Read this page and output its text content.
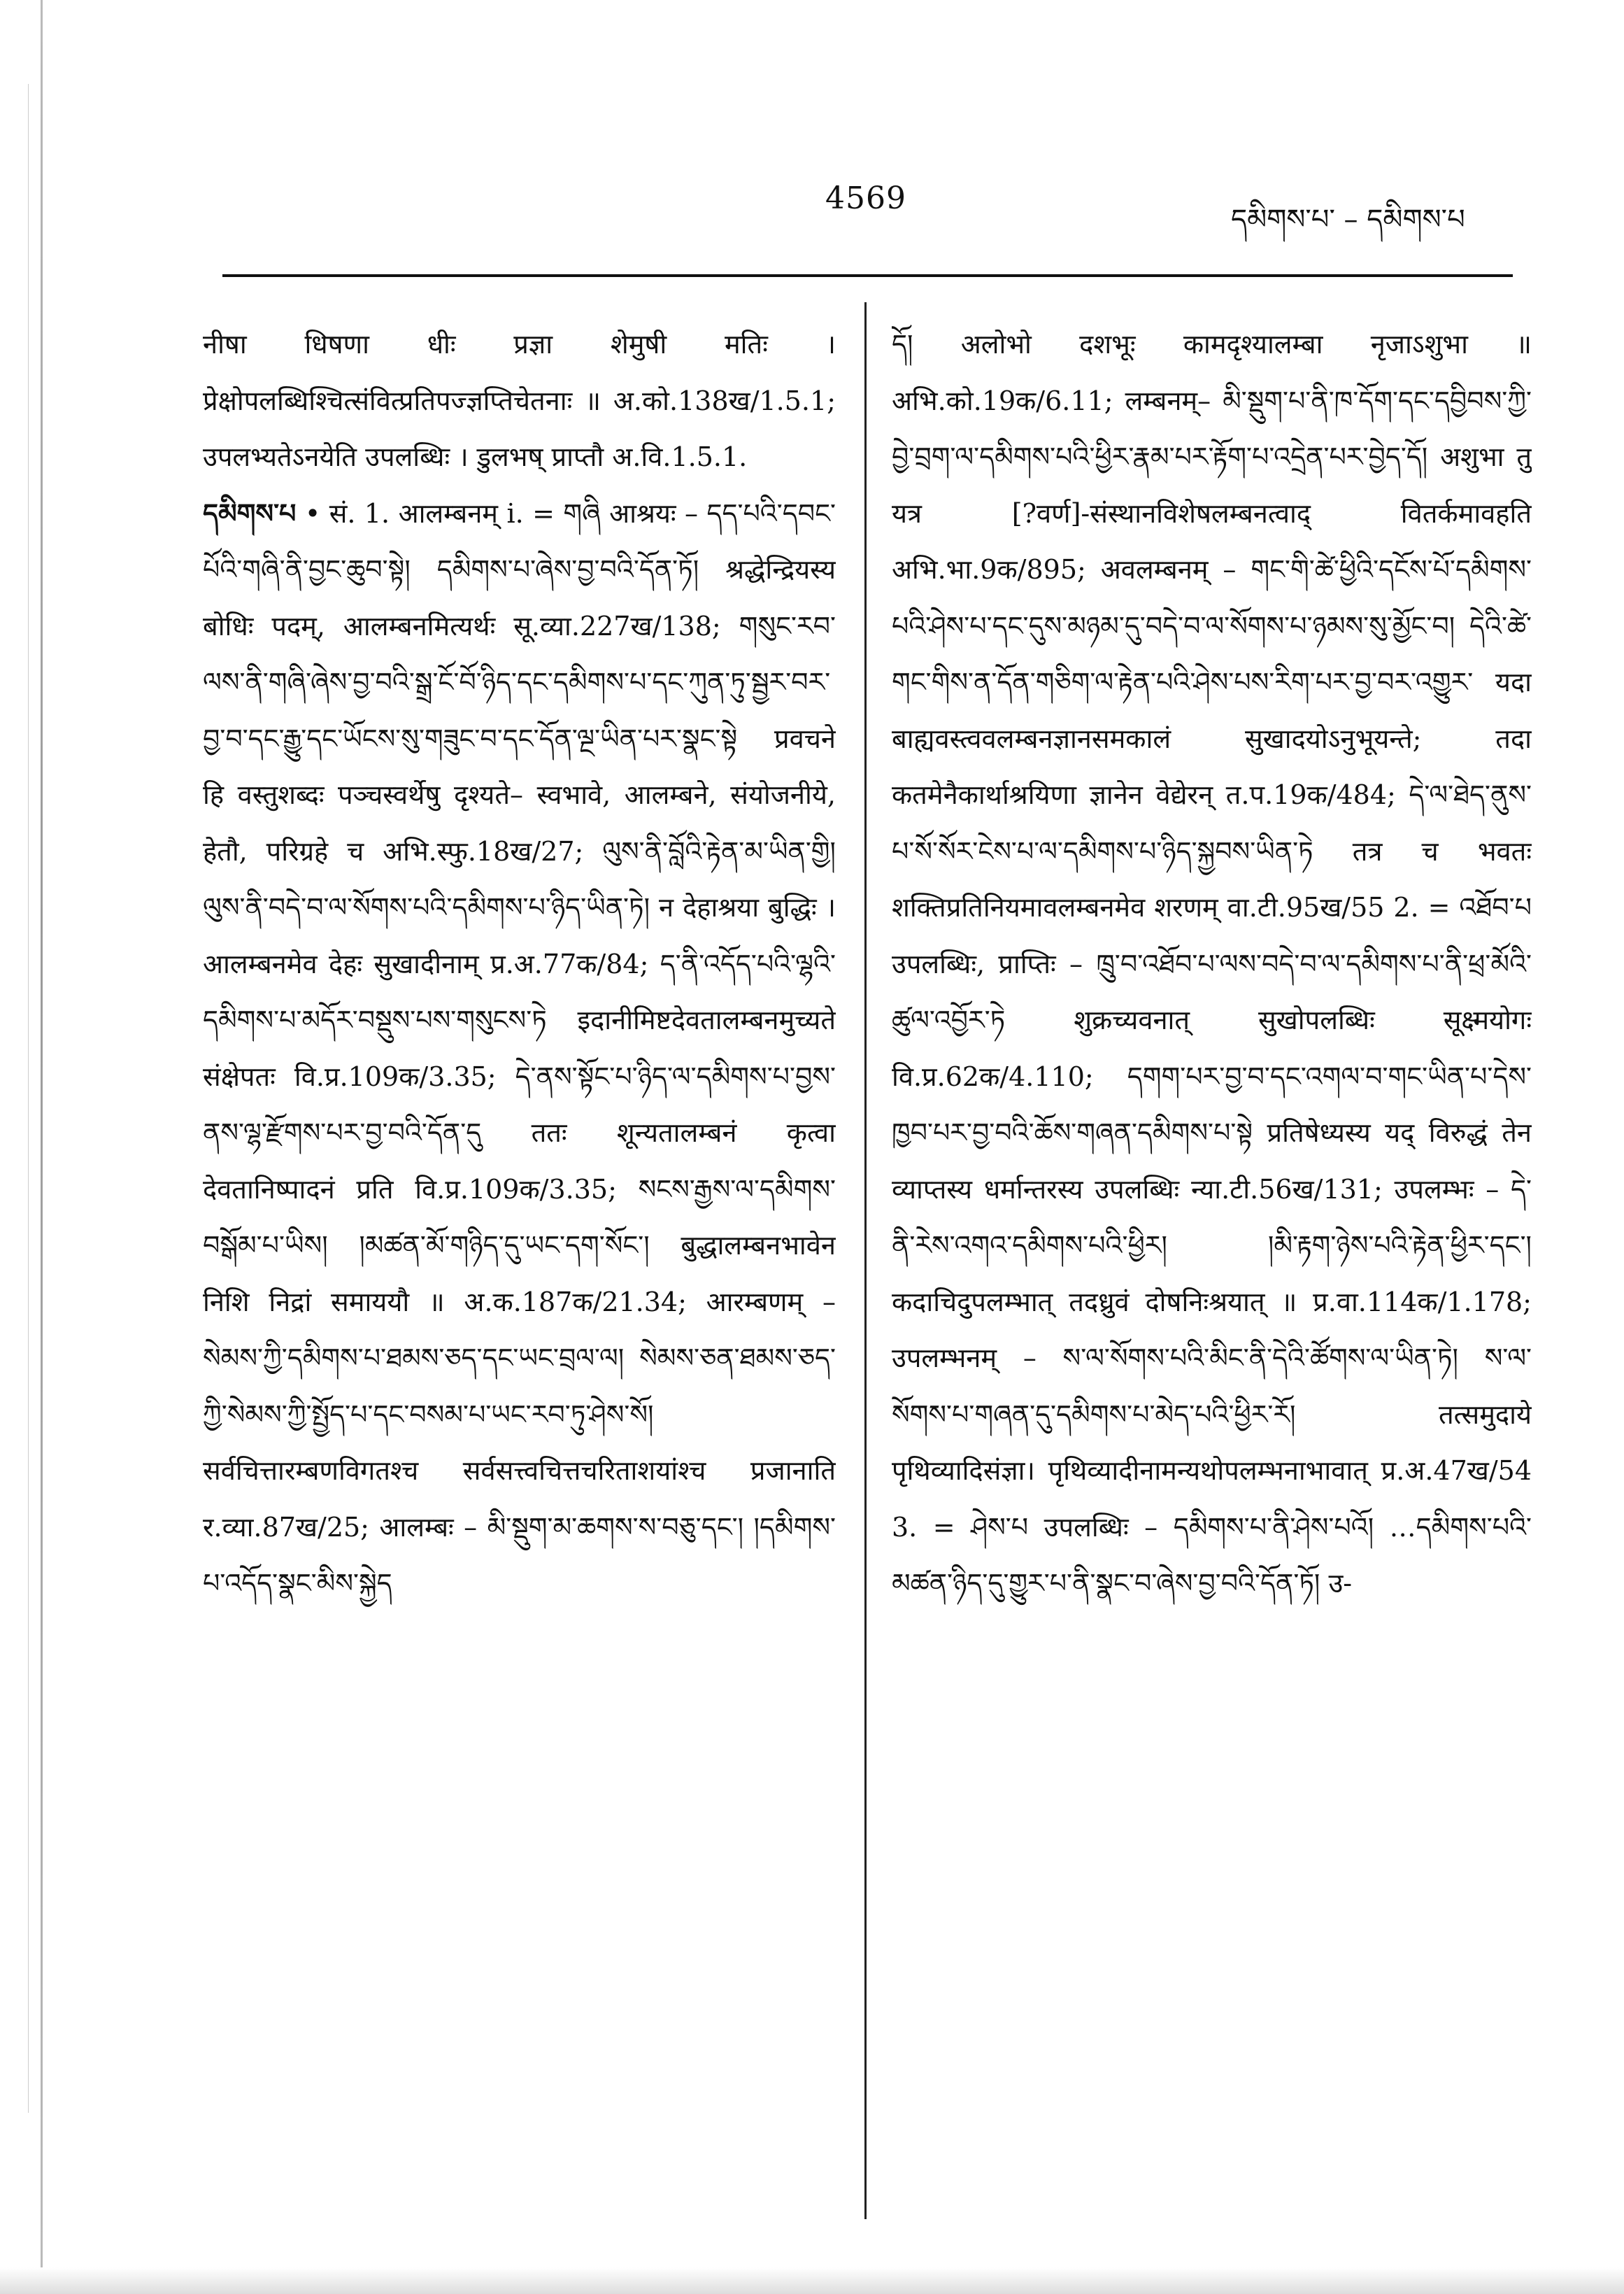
4569
དམིགས་པ་ – དམིགས་པ

नीषा धिषणा धीः प्रज्ञा शेमुषी मतिः । प्रेक्षोपलब्धिश्चित्संवित्प्रतिपज्ज्ञप्तिचेतनाः ॥ अ.को.138ख/1.5.1; उपलभ्यतेऽनयेति उपलब्धिः । डुलभष् प्राप्तौ अ.वि.1.5.1.

དམིགས་པ • सं. 1. आलम्बनम् i. = གཞི आश्रयः – དད་པའི་དབང་པོའི་གཞི་ནི་བྱང་ཆུབ་སྟེ། དམིགས་པ་ཞེས་བྱ་བའི་དོན་ཏོ། श्रद्धेन्द्रियस्य बोधिः पदम्, आलम्बनमित्यर्थः सू.व्या.227ख/138; གསུང་རབ་ལས་ནི་གཞི་ཞེས་བྱ་བའི་སྒྲ་ངོ་བོ་ཉིད་དང་དམིགས་པ་དང་ཀུན་ཏུ་སྦྱར་བར་བྱ་བ་དང་རྒྱུ་དང་ཡོངས་སུ་གཟུང་བ་དང་དོན་ལྔ་ཡིན་པར་སྣང་སྟེ प्रवचने हि वस्तुशब्दः पञ्चस्वर्थेषु दृश्यते– स्वभावे, आलम्बने, संयोजनीये, हेतौ, परिग्रहे च अभि.स्फु.18ख/27; ལུས་ནི་བློའི་རྟེན་མ་ཡིན་གྱི། ལུས་ནི་བདེ་བ་ལ་སོགས་པའི་དམིགས་པ་ཉིད་ཡིན་ཏེ། न देहाश्रया बुद्धिः । आलम्बनमेव देहः सुखादीनाम् प्र.अ.77क/84; ད་ནི་འདོད་པའི་ལྷའི་དམིགས་པ་མདོར་བསྡུས་པས་གསུངས་ཏེ इदानीमिष्टदेवतालम्बनमुच्यते संक्षेपतः वि.प्र.109क/3.35; དེ་ནས་སྟོང་པ་ཉིད་ལ་དམིགས་པ་བྱས་ནས་ལྷ་རྫོགས་པར་བྱ་བའི་དོན་དུ ततः शून्यतालम्बनं कृत्वा देवतानिष्पादनं प्रति वि.प्र.109क/3.35; སངས་རྒྱས་ལ་དམིགས་བསྒོམ་པ་ཡིས། །མཚན་མོ་གཉིད་དུ་ཡང་དག་སོང་། बुद्धालम्बनभावेन निशि निद्रां समाययौ ॥ अ.क.187क/21.34; आरम्बणम् – སེམས་ཀྱི་དམིགས་པ་ཐམས་ཅད་དང་ཡང་བྲལ་ལ། སེམས་ཅན་ཐམས་ཅད་ཀྱི་སེམས་ཀྱི་སྤྱོད་པ་དང་བསམ་པ་ཡང་རབ་ཏུ་ཤེས་སོ། सर्वचित्तारम्बणविगतश्च सर्वसत्त्वचित्तचरिताशयांश्च प्रजानाति र.व्या.87ख/25; आलम्बः – མི་སྡུག་མ་ཆགས་ས་བཅུ་དང་། །དམིགས་པ་འདོད་སྣང་མིས་སྐྱེད

དོ། अलोभो दशभूः कामदृश्यालम्बा नृजाऽशुभा ॥ अभि.को.19क/6.11; लम्बनम्– མི་སྡུག་པ་ནི་ཁ་དོག་དང་དབྱིབས་ཀྱི་བྱེ་བྲག་ལ་དམིགས་པའི་ཕྱིར་རྣམ་པར་རྟོག་པ་འདྲེན་པར་བྱེད་དོ། अशुभा तु यत्र [?वर्ण]-संस्थानविशेषलम्बनत्वाद् वितर्कमावहति अभि.भा.9क/895; अवलम्बनम् – གང་གི་ཚེ་ཕྱིའི་དངོས་པོ་དམིགས་པའི་ཤེས་པ་དང་དུས་མཉམ་དུ་བདེ་བ་ལ་སོགས་པ་ཉམས་སུ་མྱོང་བ། དེའི་ཚེ་གང་གིས་ན་དོན་གཅིག་ལ་རྟེན་པའི་ཤེས་པས་རིག་པར་བྱ་བར་འགྱུར་ यदा बाह्यवस्त्ववलम्बनज्ञानसमकालं सुखादयोऽनुभूयन्ते; तदा कतमेनैकार्थाश्रयिणा ज्ञानेन वेद्येरन् त.प.19क/484; དེ་ལ་ཐེད་ནུས་པ་སོ་སོར་ངེས་པ་ལ་དམིགས་པ་ཉིད་སྐྱབས་ཡིན་ཏེ तत्र च भवतः शक्तिप्रतिनियमावलम्बनमेव शरणम् वा.टी.95ख/55 2. = འཐོབ་པ उपलब्धिः, प्राप्तिः – ཁྲུ་བ་འཐོབ་པ་ལས་བདེ་བ་ལ་དམིགས་པ་ནི་ཕྲ་མོའི་ཚུལ་འབྱོར་ཏེ शुक्रच्यवनात् सुखोपलब्धिः सूक्ष्मयोगः वि.प्र.62क/4.110; དགག་པར་བྱ་བ་དང་འགལ་བ་གང་ཡིན་པ་དེས་ཁྱབ་པར་བྱ་བའི་ཆོས་གཞན་དམིགས་པ་སྟེ प्रतिषेध्यस्य यद् विरुद्धं तेन व्याप्तस्य धर्मान्तरस्य उपलब्धिः न्या.टी.56ख/131; उपलम्भः – དེ་ནི་རེས་འགའ་དམིགས་པའི་ཕྱིར། །མི་རྟག་ཉེས་པའི་རྟེན་ཕྱིར་དང་། कदाचिदुपलम्भात् तदध्रुवं दोषनिःश्रयात् ॥ प्र.वा.114क/1.178; उपलम्भनम् – ས་ལ་སོགས་པའི་མིང་ནི་དེའི་ཚོགས་ལ་ཡིན་ཏེ། ས་ལ་སོགས་པ་གཞན་དུ་དམིགས་པ་མེད་པའི་ཕྱིར་རོ། तत्समुदाये पृथिव्यादिसंज्ञा। पृथिव्यादीनामन्यथोपलम्भनाभावात् प्र.अ.47ख/54 3. = ཤེས་པ उपलब्धिः – དམིགས་པ་ནི་ཤེས་པའོ། …དམིགས་པའི་མཚན་ཉིད་དུ་གྱུར་པ་ནི་སྣང་བ་ཞེས་བྱ་བའི་དོན་ཏོ། उ-
